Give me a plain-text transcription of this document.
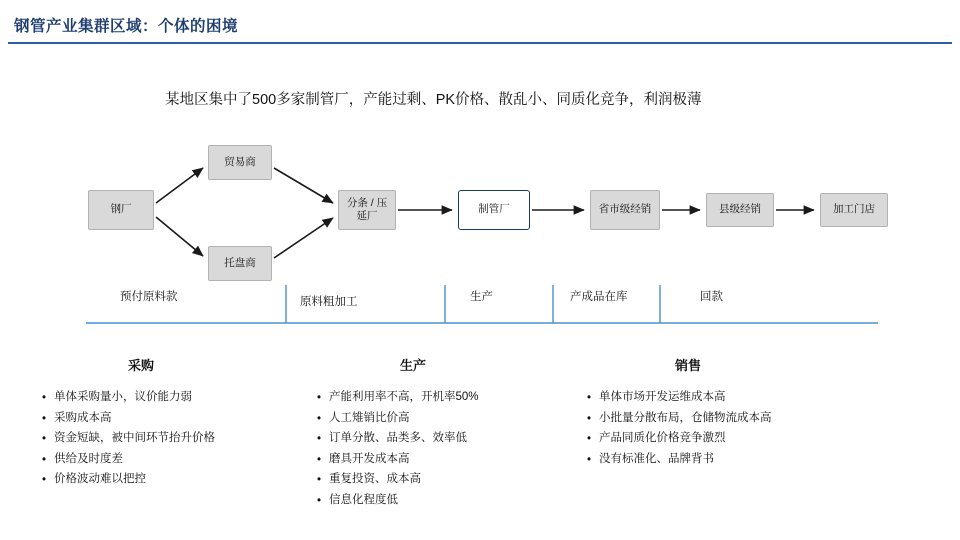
钢管产业集群区域：个体的困境
某地区集中了500多家制管厂，产能过剩、PK价格、散乱小、同质化竞争，利润极薄
钢厂
贸易商
托盘商
分条 / 压延厂
制管厂	省市级经销	县级经销	加工门店
预付原料款	原料粗加工	生产	产成品在库	回款
采购	生产	销售
• 单体采购量小，议价能力弱
• 采购成本高
• 资金短缺，被中间环节抬升价格
• 供给及时度差
• 价格波动难以把控
• 产能利用率不高，开机率50%
• 人工雉销比价高
• 订单分散、品类多、效率低
• 磨具开发成本高
• 重复投资、成本高
• 信息化程度低
• 单体市场开发运维成本高
• 小批量分散布局，仓储物流成本高
• 产品同质化价格竞争激烈
• 没有标准化、品牌背书
